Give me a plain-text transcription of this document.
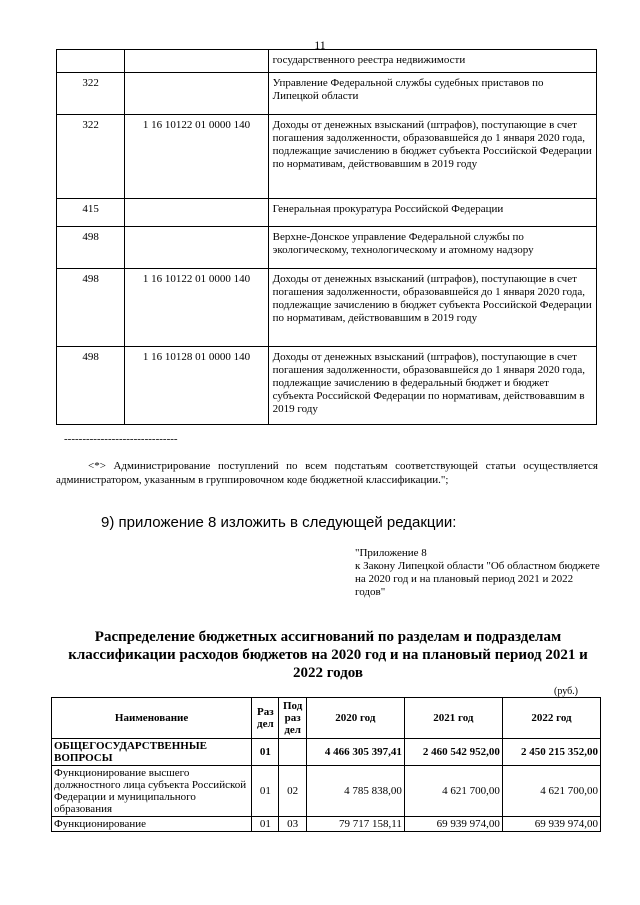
11
		государственного реестра недвижимости
322		Управление Федеральной службы судебных приставов по Липецкой области
322	1 16 10122 01 0000 140	Доходы от денежных взысканий (штрафов), поступающие в счет погашения задолженности, образовавшейся до 1 января 2020 года, подлежащие зачислению в бюджет субъекта Российской Федерации по нормативам, действовавшим в 2019 году
415		Генеральная прокуратура Российской Федерации
498		Верхне-Донское управление Федеральной службы по экологическому, технологическому и атомному надзору
498	1 16 10122 01 0000 140	Доходы от денежных взысканий (штрафов), поступающие в счет погашения задолженности, образовавшейся до 1 января 2020 года, подлежащие зачислению в бюджет субъекта Российской Федерации по нормативам, действовавшим в 2019 году
498	1 16 10128 01 0000 140	Доходы от денежных взысканий (штрафов), поступающие в счет погашения задолженности, образовавшейся до 1 января 2020 года, подлежащие зачислению в федеральный бюджет и бюджет субъекта Российской Федерации по нормативам, действовавшим в 2019 году
-------------------------------
<*> Администрирование поступлений по всем подстатьям соответствующей статьи осуществляется администратором, указанным в группировочном коде бюджетной классификации.";
9) приложение 8 изложить в следующей редакции:
"Приложение 8
к Закону Липецкой области "Об областном бюджете на 2020 год и на плановый период 2021 и 2022 годов"
Распределение бюджетных ассигнований по разделам и подразделам классификации расходов бюджетов на 2020 год и на плановый период 2021 и 2022 годов
(руб.)
Наименование	Раз дел	Под раз дел	2020 год	2021 год	2022 год
ОБЩЕГОСУДАРСТВЕННЫЕ ВОПРОСЫ	01		4 466 305 397,41	2 460 542 952,00	2 450 215 352,00
Функционирование высшего должностного лица субъекта Российской Федерации и муниципального образования	01	02	4 785 838,00	4 621 700,00	4 621 700,00
Функционирование	01	03	79 717 158,11	69 939 974,00	69 939 974,00
